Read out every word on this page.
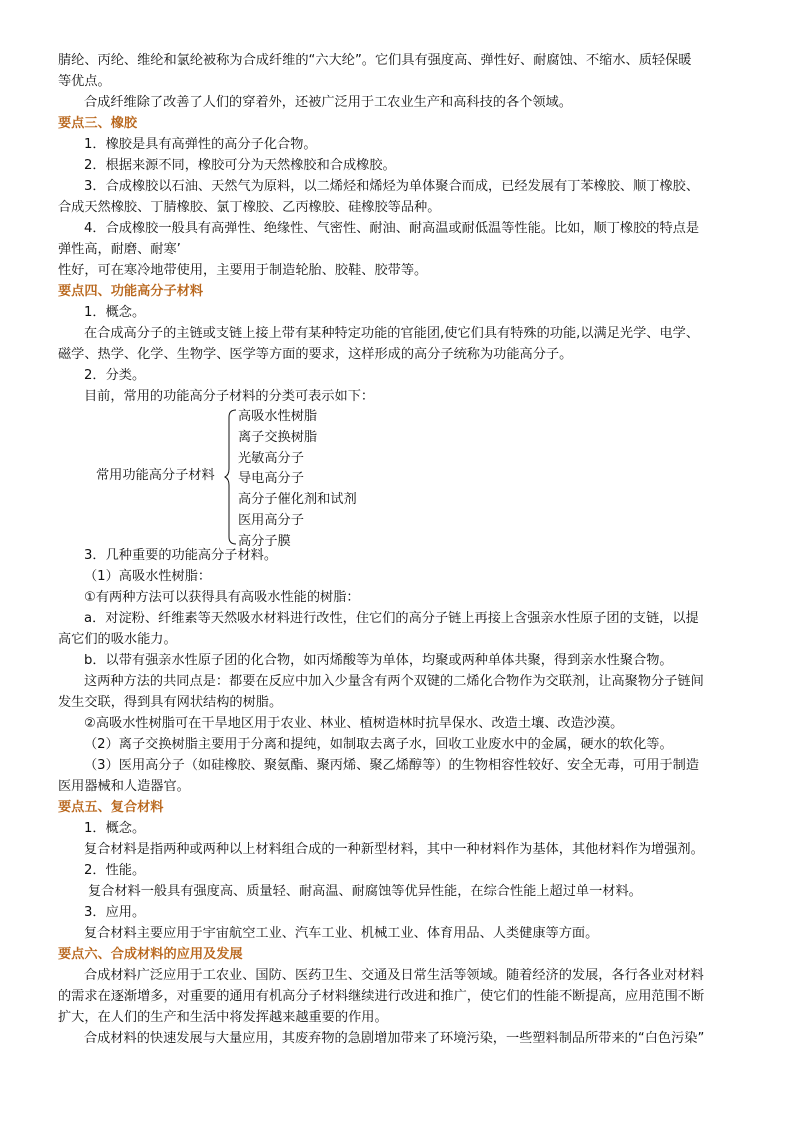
腈纶、丙纶、维纶和氯纶被称为合成纤维的“六大纶”。它们具有强度高、弹性好、耐腐蚀、不缩水、质轻保暖
等优点。
合成纤维除了改善了人们的穿着外，还被广泛用于工农业生产和高科技的各个领域。
要点三、橡胶
1．橡胶是具有高弹性的高分子化合物。
2．根据来源不同，橡胶可分为天然橡胶和合成橡胶。
3．合成橡胶以石油、天然气为原料，以二烯烃和烯烃为单体聚合而成，已经发展有丁苯橡胶、顺丁橡胶、
合成天然橡胶、丁腈橡胶、氯丁橡胶、乙丙橡胶、硅橡胶等品种。
4．合成橡胶一般具有高弹性、绝缘性、气密性、耐油、耐高温或耐低温等性能。比如，顺丁橡胶的特点是
弹性高，耐磨、耐寒’
性好，可在寒冷地带使用，主要用于制造轮胎、胶鞋、胶带等。
要点四、功能高分子材料
1．概念。
在合成高分子的主链或支链上接上带有某种特定功能的官能团,使它们具有特殊的功能,以满足光学、电学、
磁学、热学、化学、生物学、医学等方面的要求，这样形成的高分子统称为功能高分子。
2．分类。
目前，常用的功能高分子材料的分类可表示如下：
常用功能高分子材料
高吸水性树脂
离子交换树脂
光敏高分子
导电高分子
高分子催化剂和试剂
医用高分子
高分子膜
3．几种重要的功能高分子材料。
（1）高吸水性树脂：
①有两种方法可以获得具有高吸水性能的树脂：
a．对淀粉、纤维素等天然吸水材料进行改性，住它们的高分子链上再接上含强亲水性原子团的支链，以提
高它们的吸水能力。
b．以带有强亲水性原子团的化合物，如丙烯酸等为单体，均聚或两种单体共聚，得到亲水性聚合物。
这两种方法的共同点是：都要在反应中加入少量含有两个双键的二烯化合物作为交联剂，让高聚物分子链间
发生交联，得到具有网状结构的树脂。
②高吸水性树脂可在干旱地区用于农业、林业、植树造林时抗旱保水、改造土壤、改造沙漠。
（2）离子交换树脂主要用于分离和提纯，如制取去离子水，回收工业废水中的金属，硬水的软化等。
（3）医用高分子（如硅橡胶、聚氨酯、聚丙烯、聚乙烯醇等）的生物相容性较好、安全无毒，可用于制造
医用器械和人造器官。
要点五、复合材料
1．概念。
复合材料是指两种或两种以上材料组合成的一种新型材料，其中一种材料作为基体，其他材料作为增强剂。
2．性能。
复合材料一般具有强度高、质量轻、耐高温、耐腐蚀等优异性能，在综合性能上超过单一材料。
3．应用。
复合材料主要应用于宇宙航空工业、汽车工业、机械工业、体育用品、人类健康等方面。
要点六、合成材料的应用及发展
合成材料广泛应用于工农业、国防、医药卫生、交通及日常生活等领域。随着经济的发展，各行各业对材料
的需求在逐渐增多，对重要的通用有机高分子材料继续进行改进和推广，使它们的性能不断提高，应用范围不断
扩大，在人们的生产和生活中将发挥越来越重要的作用。
合成材料的快速发展与大量应用，其废弃物的急剧增加带来了环境污染，一些塑料制品所带来的“白色污染”
